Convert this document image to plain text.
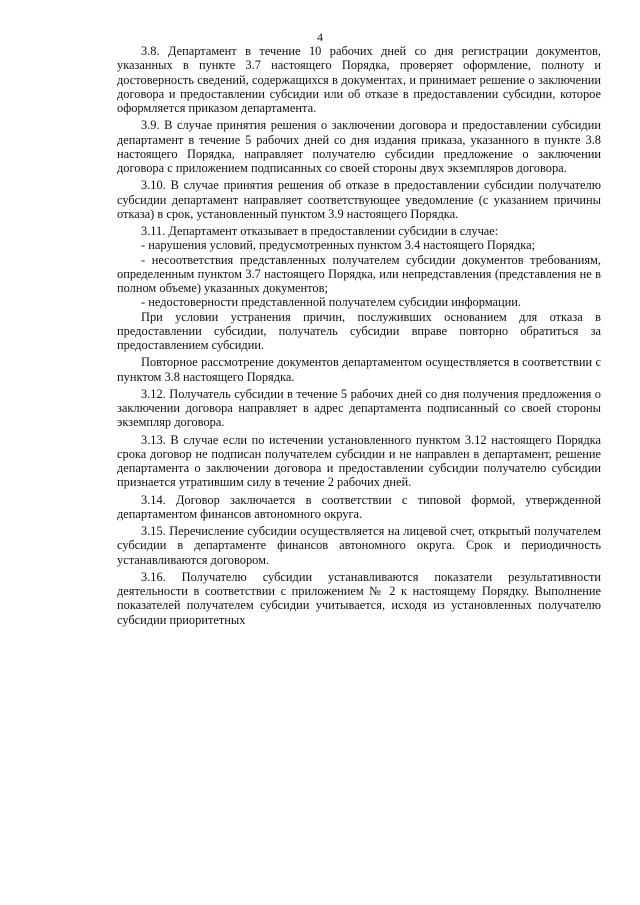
4

3.8. Департамент в течение 10 рабочих дней со дня регистрации документов, указанных в пункте 3.7 настоящего Порядка, проверяет оформление, полноту и достоверность сведений, содержащихся в документах, и принимает решение о заключении договора и предоставлении субсидии или об отказе в предоставлении субсидии, которое оформляется приказом департамента.

3.9. В случае принятия решения о заключении договора и предоставлении субсидии департамент в течение 5 рабочих дней со дня издания приказа, указанного в пункте 3.8 настоящего Порядка, направляет получателю субсидии предложение о заключении договора с приложением подписанных со своей стороны двух экземпляров договора.

3.10. В случае принятия решения об отказе в предоставлении субсидии получателю субсидии департамент направляет соответствующее уведомление (с указанием причины отказа) в срок, установленный пунктом 3.9 настоящего Порядка.

3.11. Департамент отказывает в предоставлении субсидии в случае:

- нарушения условий, предусмотренных пунктом 3.4 настоящего Порядка;

- несоответствия представленных получателем субсидии документов требованиям, определенным пунктом 3.7 настоящего Порядка, или непредставления (представления не в полном объеме) указанных документов;

- недостоверности представленной получателем субсидии информации.

При условии устранения причин, послуживших основанием для отказа в предоставлении субсидии, получатель субсидии вправе повторно обратиться за предоставлением субсидии.

Повторное рассмотрение документов департаментом осуществляется в соответствии с пунктом 3.8 настоящего Порядка.

3.12. Получатель субсидии в течение 5 рабочих дней со дня получения предложения о заключении договора направляет в адрес департамента подписанный со своей стороны экземпляр договора.

3.13. В случае если по истечении установленного пунктом 3.12 настоящего Порядка срока договор не подписан получателем субсидии и не направлен в департамент, решение департамента о заключении договора и предоставлении субсидии получателю субсидии признается утратившим силу в течение 2 рабочих дней.

3.14. Договор заключается в соответствии с типовой формой, утвержденной департаментом финансов автономного округа.

3.15. Перечисление субсидии осуществляется на лицевой счет, открытый получателем субсидии в департаменте финансов автономного округа. Срок и периодичность устанавливаются договором.

3.16. Получателю субсидии устанавливаются показатели результативности деятельности в соответствии с приложением № 2 к настоящему Порядку. Выполнение показателей получателем субсидии учитывается, исходя из установленных получателю субсидии приоритетных
